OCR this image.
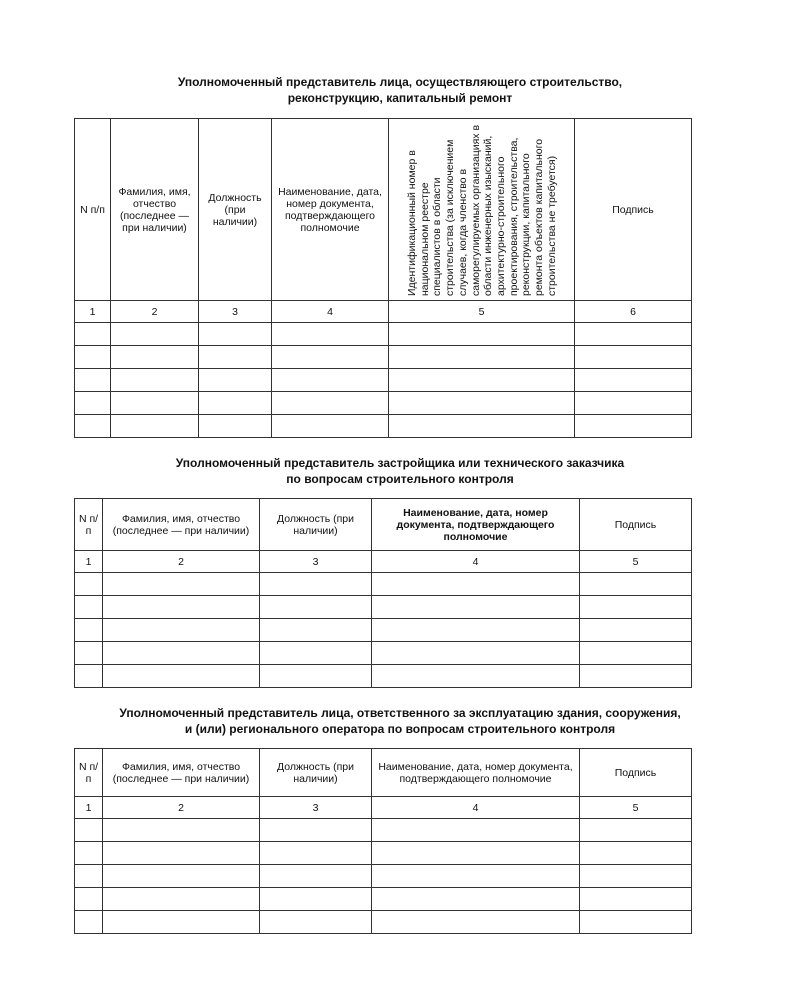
Уполномоченный представитель лица, осуществляющего строительство,
реконструкцию, капитальный ремонт
N п/п	Фамилия, имя, отчество (последнее — при наличии)	Должность (при наличии)	Наименование, дата, номер документа, подтверждающего полномочие	Идентификационный номер в национальном реестре специалистов в области строительства (за исключением случаев, когда членство в саморегулируемых организациях в области инженерных изысканий, архитектурно-строительного проектирования, строительства, реконструкции, капитального ремонта объектов капитального строительства не требуется)	Подпись
1	2	3	4	5	6

Уполномоченный представитель застройщика или технического заказчика
по вопросам строительного контроля
N п/п	Фамилия, имя, отчество (последнее — при наличии)	Должность (при наличии)	Наименование, дата, номер документа, подтверждающего полномочие	Подпись
1	2	3	4	5

Уполномоченный представитель лица, ответственного за эксплуатацию здания, сооружения,
и (или) регионального оператора по вопросам строительного контроля
N п/п	Фамилия, имя, отчество (последнее — при наличии)	Должность (при наличии)	Наименование, дата, номер документа, подтверждающего полномочие	Подпись
1	2	3	4	5
